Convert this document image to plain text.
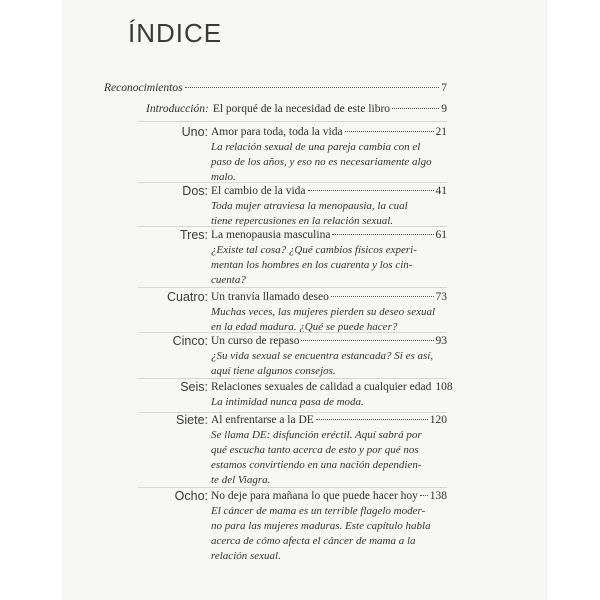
ÍNDICE
Reconocimientos	7
Introducción: El porqué de la necesidad de este libro	9
Uno: Amor para toda, toda la vida	21
La relación sexual de una pareja cambia con el
paso de los años, y eso no es necesariamente algo
malo.
Dos: El cambio de la vida	41
Toda mujer atraviesa la menopausia, la cual
tiene repercusiones en la relación sexual.
Tres: La menopausia masculina	61
¿Existe tal cosa? ¿Qué cambios físicos experi-
mentan los hombres en los cuarenta y los cin-
cuenta?
Cuatro: Un tranvía llamado deseo	73
Muchas veces, las mujeres pierden su deseo sexual
en la edad madura. ¿Qué se puede hacer?
Cinco: Un curso de repaso	93
¿Su vida sexual se encuentra estancada? Si es así,
aquí tiene algunos consejos.
Seis: Relaciones sexuales de calidad a cualquier edad 108
La intimidad nunca pasa de moda.
Siete: Al enfrentarse a la DE	120
Se llama DE: disfunción eréctil. Aquí sabrá por
qué escucha tanto acerca de esto y por qué nos
estamos convirtiendo en una nación dependien-
te del Viagra.
Ocho: No deje para mañana lo que puede hacer hoy 138
El cáncer de mama es un terrible flagelo moder-
no para las mujeres maduras. Este capítulo habla
acerca de cómo afecta el cáncer de mama a la
relación sexual.
